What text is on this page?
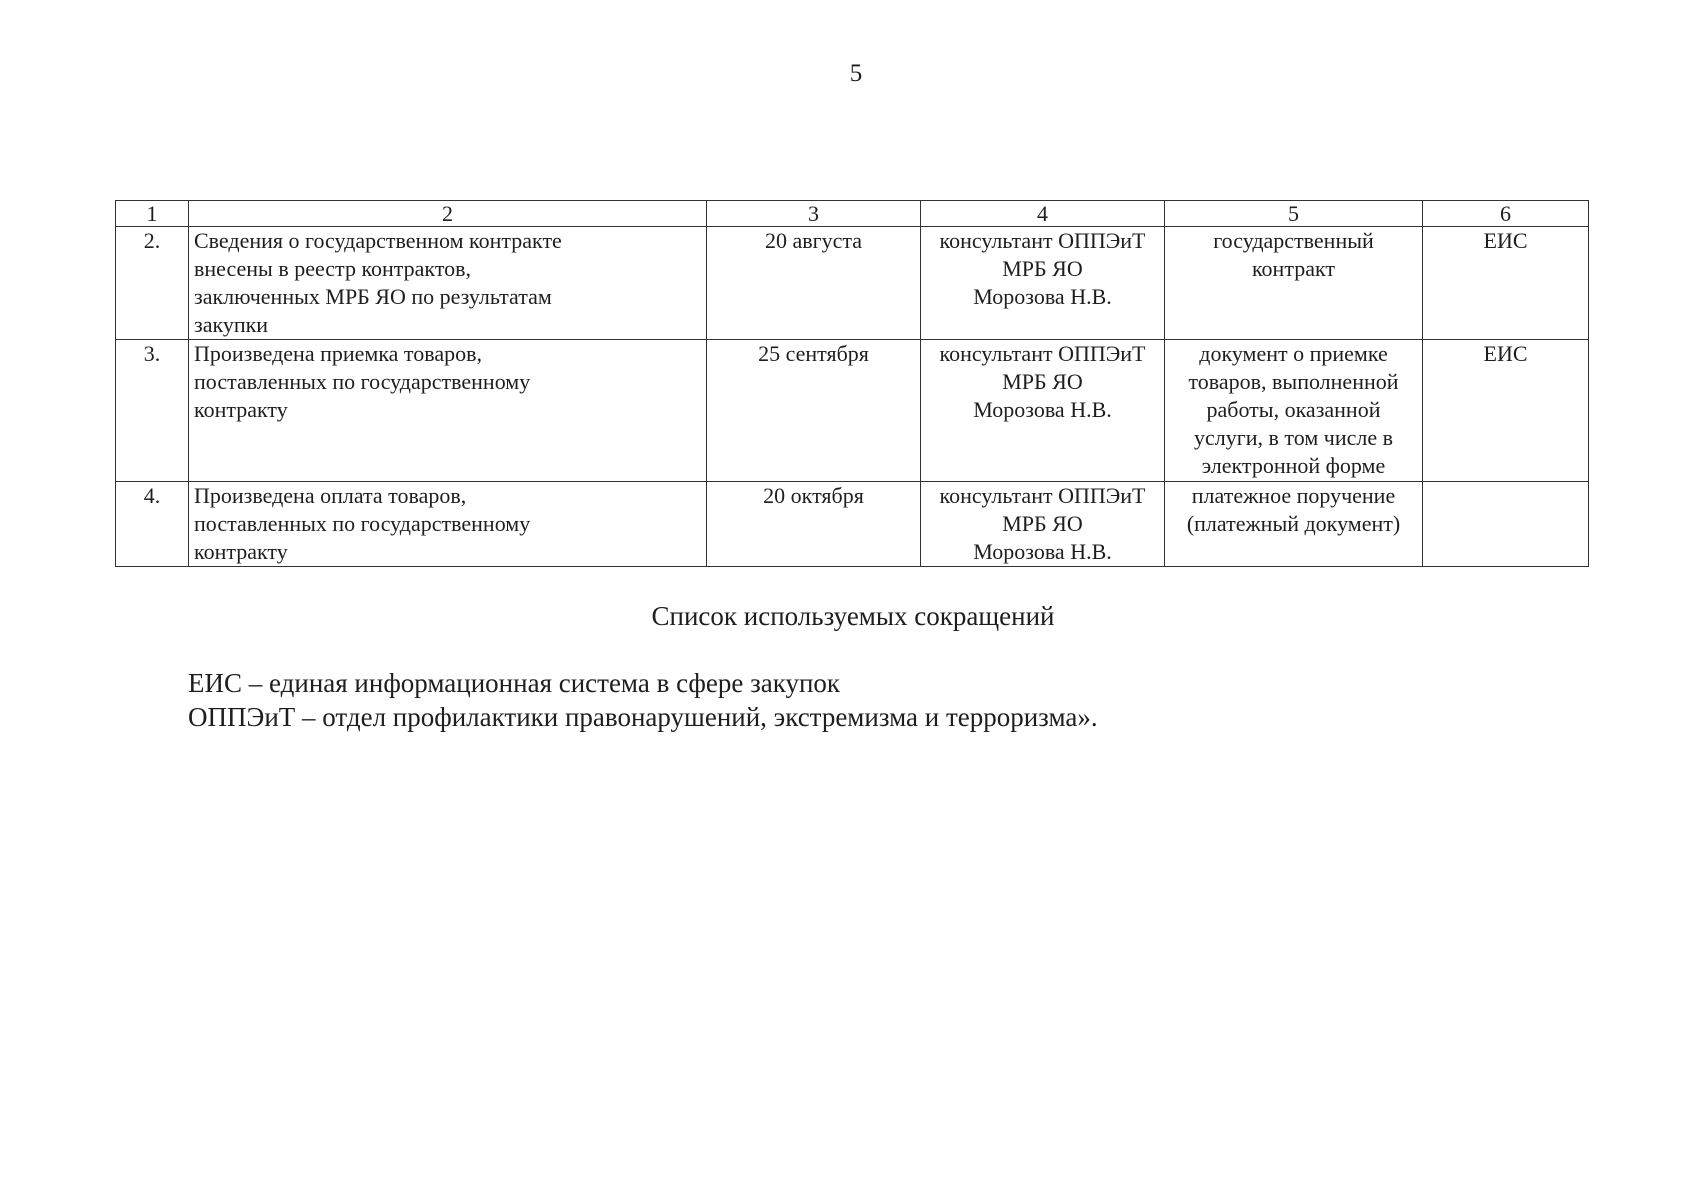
5
1	2	3	4	5	6
2.	Сведения о государственном контракте
внесены в реестр контрактов,
заключенных МРБ ЯО по результатам
закупки	20 августа	консультант ОППЭиТ
МРБ ЯО
Морозова Н.В.	государственный
контракт	ЕИС
3.	Произведена приемка товаров,
поставленных по государственному
контракту	25 сентября	консультант ОППЭиТ
МРБ ЯО
Морозова Н.В.	документ о приемке
товаров, выполненной
работы, оказанной
услуги, в том числе в
электронной форме	ЕИС
4.	Произведена оплата товаров,
поставленных по государственному
контракту	20 октября	консультант ОППЭиТ
МРБ ЯО
Морозова Н.В.	платежное поручение
(платежный документ)	
Список используемых сокращений
ЕИС – единая информационная система в сфере закупок
ОППЭиТ – отдел профилактики правонарушений, экстремизма и терроризма».
